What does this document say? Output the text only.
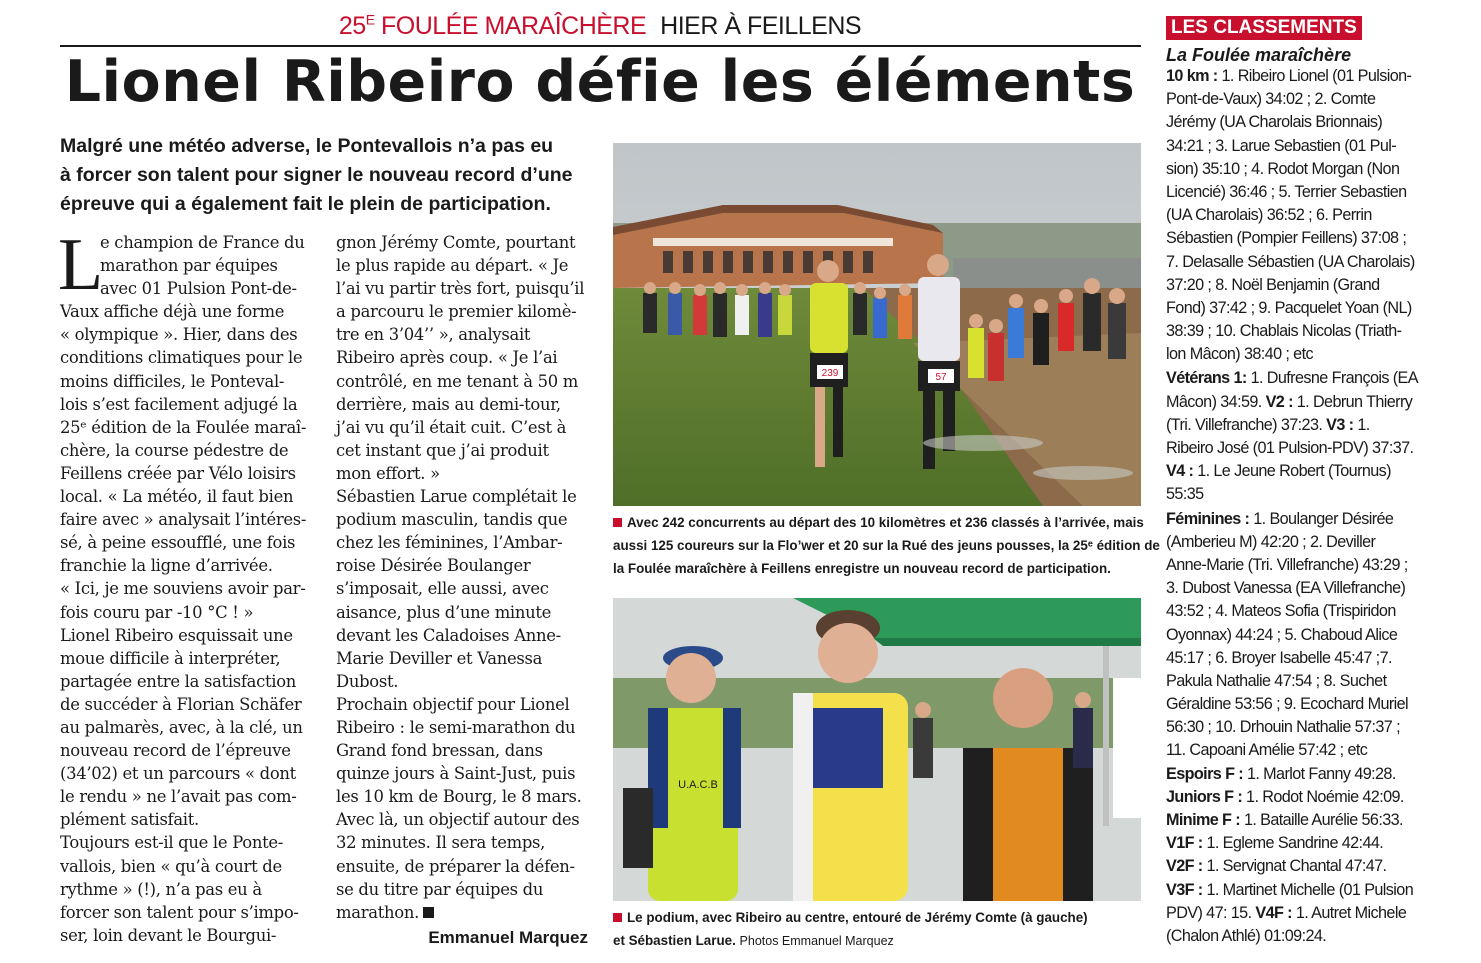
$25^E$ FOULÉE MARAÎCHÈRE HIER À FEILLENS
Lionel Ribeiro défie les éléments
Malgré une météo adverse, le Pontevallois n’a pas eu
à forcer son talent pour signer le nouveau record d’une
épreuve qui a également fait le plein de participation.
L
e champion de France du
marathon par équipes
avec 01 Pulsion Pont-de-
Vaux affiche déjà une forme
« olympique ». Hier, dans des
conditions climatiques pour le
moins difficiles, le Ponteval-
lois s’est facilement adjugé la
25ᵉ édition de la Foulée maraî-
chère, la course pédestre de
Feillens créée par Vélo loisirs
local. « La météo, il faut bien
faire avec » analysait l’intéres-
sé, à peine essoufflé, une fois
franchie la ligne d’arrivée.
« Ici, je me souviens avoir par-
fois couru par -10 °C ! »
Lionel Ribeiro esquissait une
moue difficile à interpréter,
partagée entre la satisfaction
de succéder à Florian Schäfer
au palmarès, avec, à la clé, un
nouveau record de l’épreuve
(34’02) et un parcours « dont
le rendu » ne l’avait pas com-
plément satisfait.
Toujours est-il que le Ponte-
vallois, bien « qu’à court de
rythme » (!), n’a pas eu à
forcer son talent pour s’impo-
ser, loin devant le Bourgui-
gnon Jérémy Comte, pourtant
le plus rapide au départ. « Je
l’ai vu partir très fort, puisqu’il
a parcouru le premier kilomè-
tre en 3’04’’ », analysait
Ribeiro après coup. « Je l’ai
contrôlé, en me tenant à 50 m
derrière, mais au demi-tour,
j’ai vu qu’il était cuit. C’est à
cet instant que j’ai produit
mon effort. »
Sébastien Larue complétait le
podium masculin, tandis que
chez les féminines, l’Ambar-
roise Désirée Boulanger
s’imposait, elle aussi, avec
aisance, plus d’une minute
devant les Caladoises Anne-
Marie Deviller et Vanessa
Dubost.
Prochain objectif pour Lionel
Ribeiro : le semi-marathon du
Grand fond bressan, dans
quinze jours à Saint-Just, puis
les 10 km de Bourg, le 8 mars.
Avec là, un objectif autour des
32 minutes. Il sera temps,
ensuite, de préparer la défen-
se du titre par équipes du
marathon.
Emmanuel Marquez
239	57
Avec 242 concurrents au départ des 10 kilomètres et 236 classés à l’arrivée, mais
aussi 125 coureurs sur la Flo’wer et 20 sur la Rué des jeuns pousses, la 25ᵉ édition de
la Foulée maraîchère à Feillens enregistre un nouveau record de participation.
U.A.C.B
Le podium, avec Ribeiro au centre, entouré de Jérémy Comte (à gauche)
et Sébastien Larue. Photos Emmanuel Marquez
LES CLASSEMENTS
La Foulée maraîchère
10 km : 1. Ribeiro Lionel (01 Pulsion-
Pont-de-Vaux) 34:02 ; 2. Comte
Jérémy (UA Charolais Brionnais)
34:21 ; 3. Larue Sebastien (01 Pul-
sion) 35:10 ; 4. Rodot Morgan (Non
Licencié) 36:46 ; 5. Terrier Sebastien
(UA Charolais) 36:52 ; 6. Perrin
Sébastien (Pompier Feillens) 37:08 ;
7. Delasalle Sébastien (UA Charolais)
37:20 ; 8. Noël Benjamin (Grand
Fond) 37:42 ; 9. Pacquelet Yoan (NL)
38:39 ; 10. Chablais Nicolas (Triath-
lon Mâcon) 38:40 ; etc
Vétérans 1: 1. Dufresne François (EA
Mâcon) 34:59. V2 : 1. Debrun Thierry
(Tri. Villefranche) 37:23. V3 : 1.
Ribeiro José (01 Pulsion-PDV) 37:37.
V4 : 1. Le Jeune Robert (Tournus)
55:35
Féminines : 1. Boulanger Désirée
(Amberieu M) 42:20 ; 2. Deviller
Anne-Marie (Tri. Villefranche) 43:29 ;
3. Dubost Vanessa (EA Villefranche)
43:52 ; 4. Mateos Sofia (Trispiridon
Oyonnax) 44:24 ; 5. Chaboud Alice
45:17 ; 6. Broyer Isabelle 45:47 ;7.
Pakula Nathalie 47:54 ; 8. Suchet
Géraldine 53:56 ; 9. Ecochard Muriel
56:30 ; 10. Drhouin Nathalie 57:37 ;
11. Capoani Amélie 57:42 ; etc
Espoirs F : 1. Marlot Fanny 49:28.
Juniors F : 1. Rodot Noémie 42:09.
Minime F : 1. Bataille Aurélie 56:33.
V1F : 1. Egleme Sandrine 42:44.
V2F : 1. Servignat Chantal 47:47.
V3F : 1. Martinet Michelle (01 Pulsion
PDV) 47: 15. V4F : 1. Autret Michele
(Chalon Athlé) 01:09:24.
